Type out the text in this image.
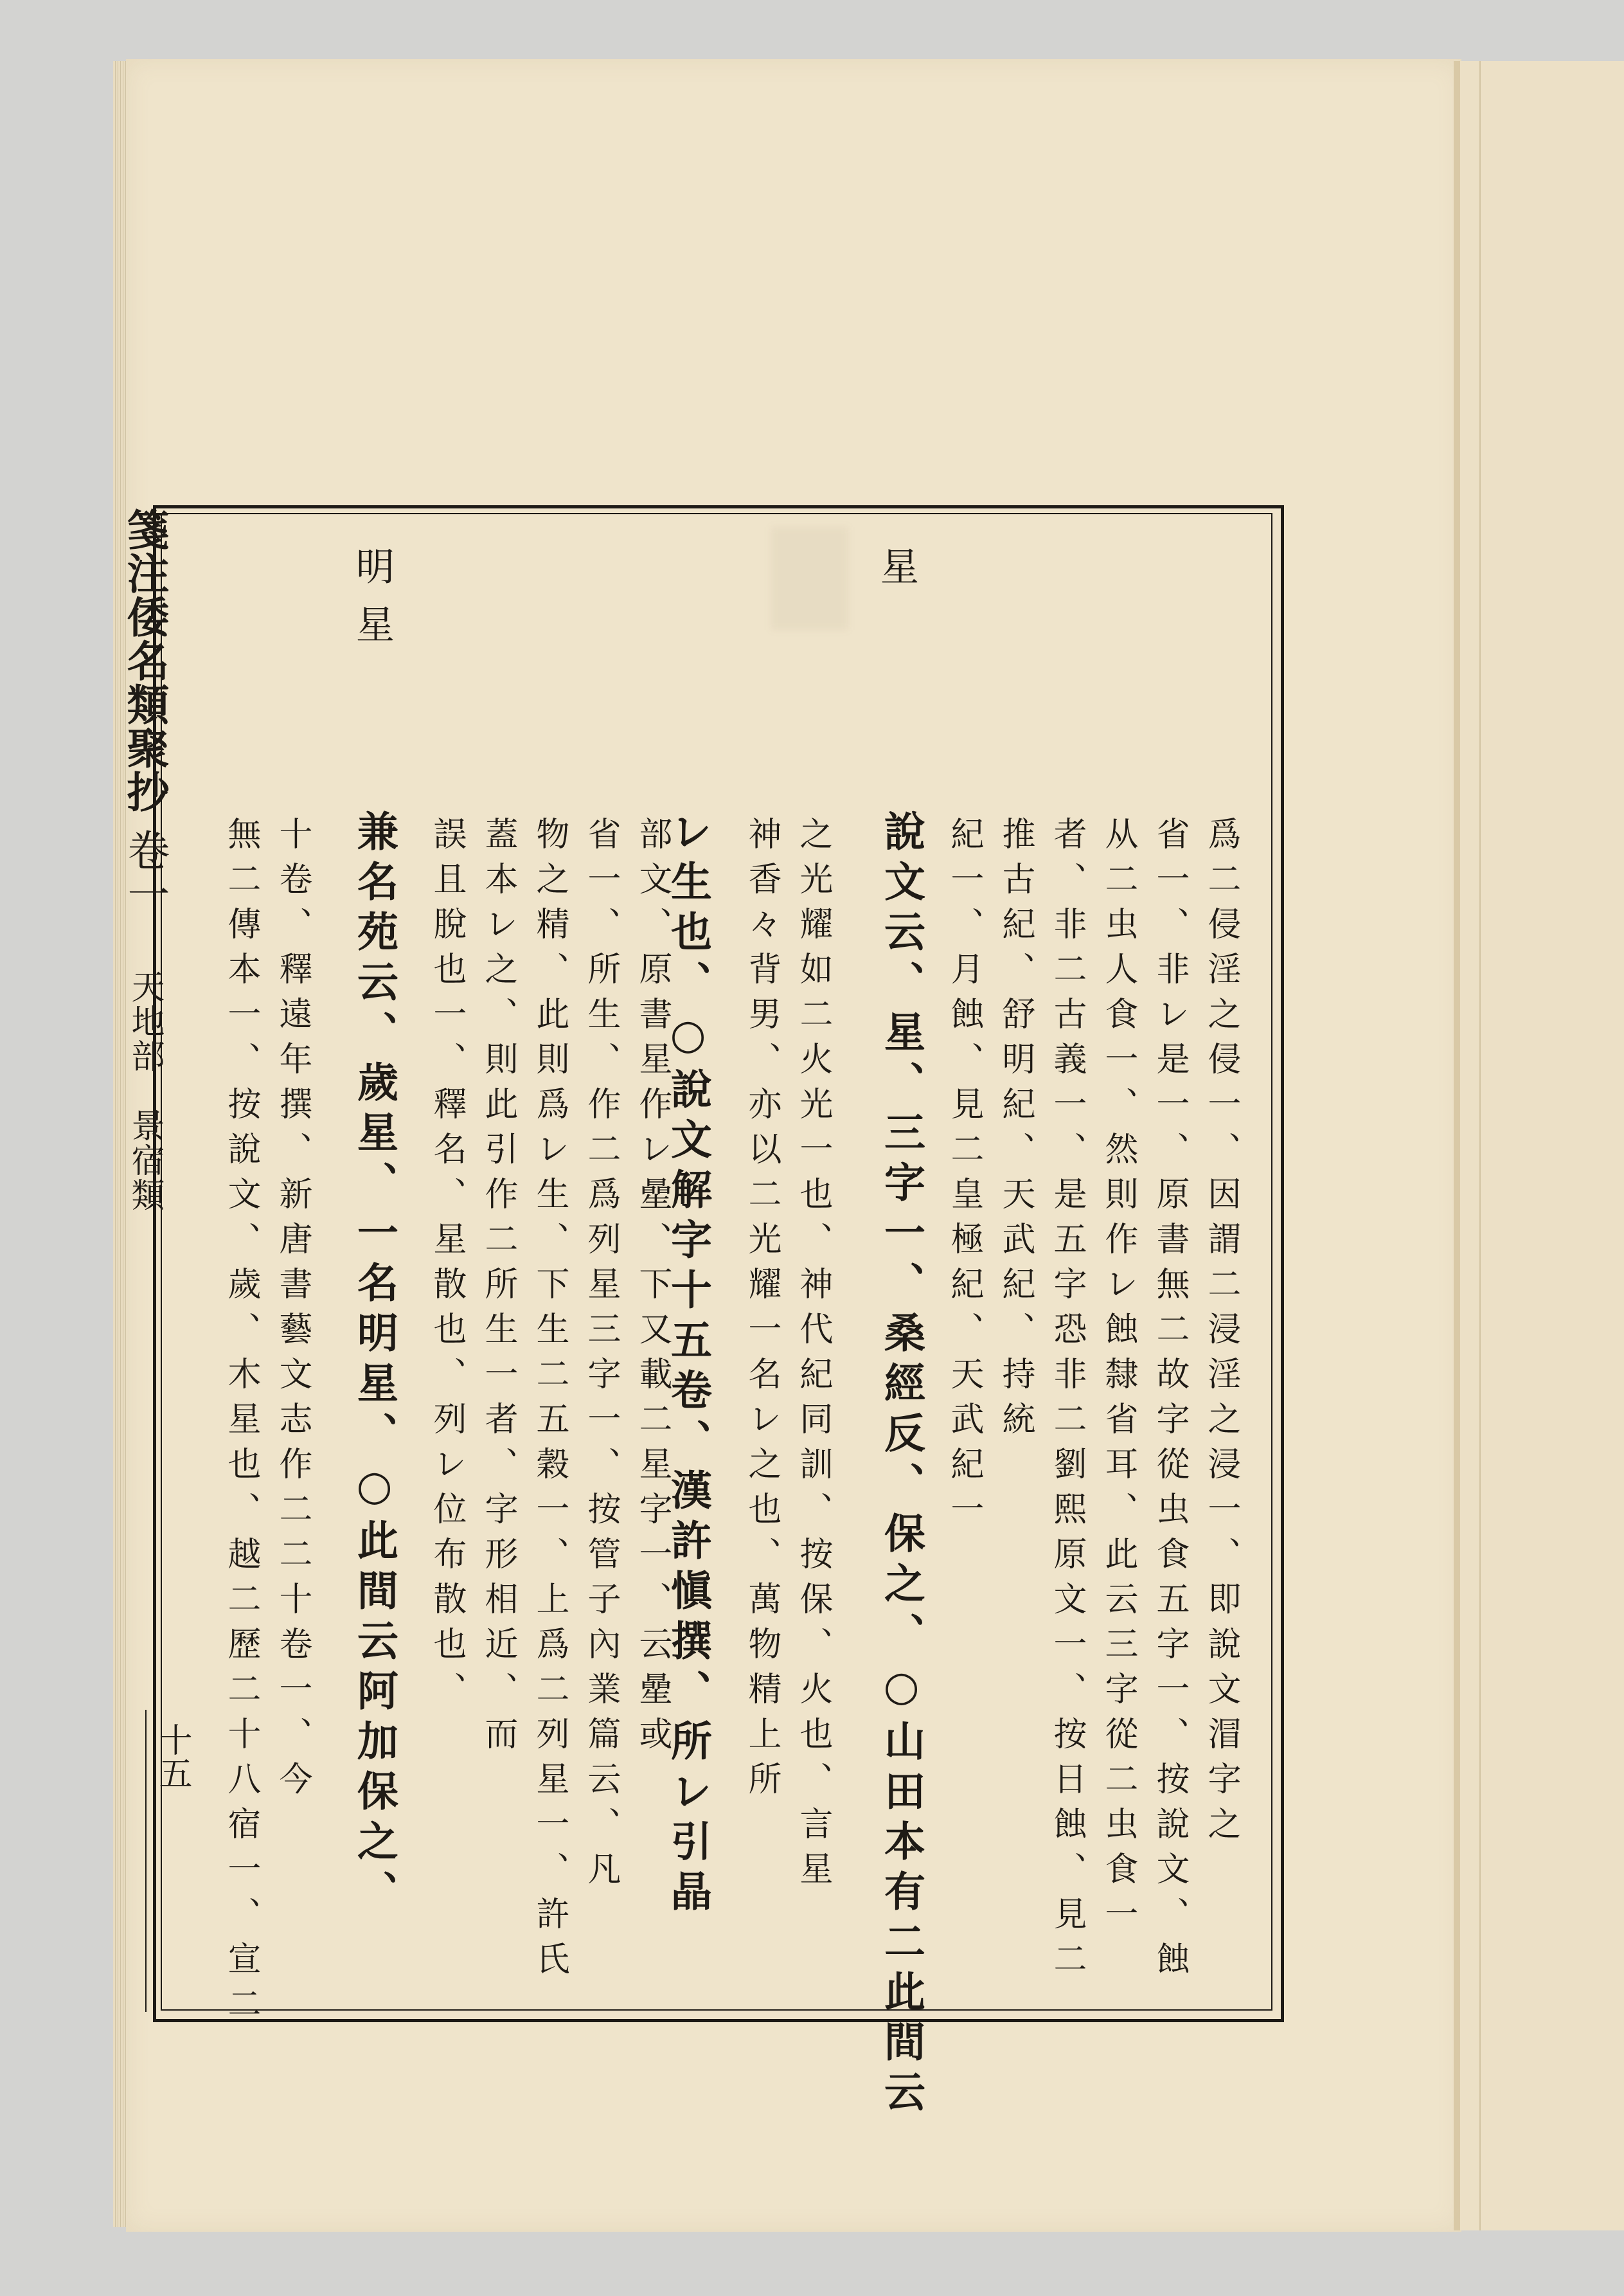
箋注倭名類聚抄 卷一 天地部　景宿類
十五
星
明星
爲二侵淫之侵一、因謂二浸淫之浸一、即說文㴘字之
省一、非レ是一、原書無二故字從虫食五字一、按說文、蝕
从二虫人食一、然則作レ蝕隸省耳、此云三字從二虫食一
者、非二古義一、是五字恐非二劉熙原文一、按日蝕、見二
推古紀、舒明紀、天武紀、持統
紀一、月蝕、見二皇極紀、天武紀一
說文云、星、三字一、桑經反、保之、○山田本有二此間云
之光耀如二火光一也、神代紀同訓、按保、火也、言星
神香々背男、亦以二光耀一名レ之也、萬物精上所
レ生也、○說文解字十五卷、漢許愼撰、所レ引晶
部文、原書星作レ曐、下又載二星字一、云曐或
省一、所生、作二爲列星三字一、按管子內業篇云、凡
物之精、此則爲レ生、下生二五穀一、上爲二列星一、許氏
蓋本レ之、則此引作二所生一者、字形相近、而
誤且脫也一、釋名、星散也、列レ位布散也、
兼名苑云、歲星、一名明星、○此間云阿加保之、
十卷、釋遠年撰、新唐書藝文志作二二十卷一、今
無二傳本一、按說文、歲、木星也、越二歷二十八宿一、宣二
